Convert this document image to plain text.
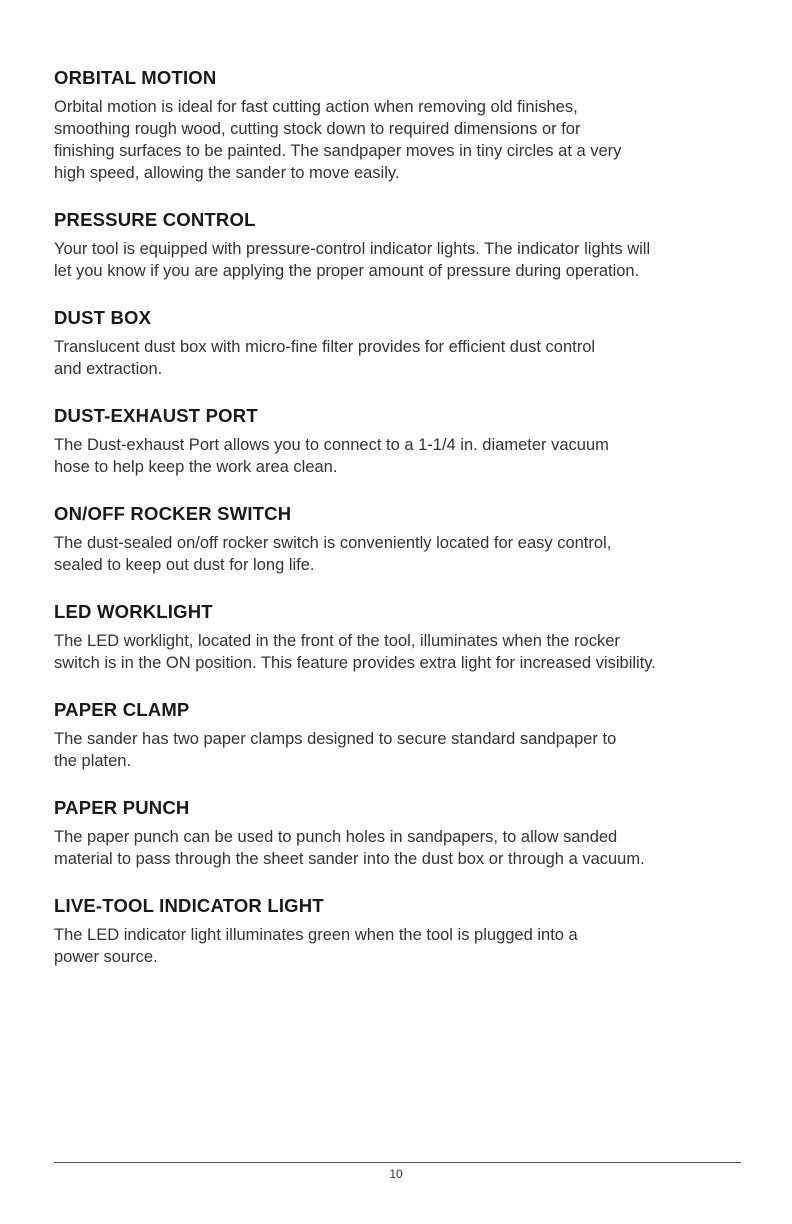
ORBITAL MOTION

Orbital motion is ideal for fast cutting action when removing old finishes,
smoothing rough wood, cutting stock down to required dimensions or for
finishing surfaces to be painted. The sandpaper moves in tiny circles at a very
high speed, allowing the sander to move easily.

PRESSURE CONTROL

Your tool is equipped with pressure-control indicator lights. The indicator lights will
let you know if you are applying the proper amount of pressure during operation.

DUST BOX

Translucent dust box with micro-fine filter provides for efficient dust control
and extraction.

DUST-EXHAUST PORT

The Dust-exhaust Port allows you to connect to a 1-1/4 in. diameter vacuum
hose to help keep the work area clean.

ON/OFF ROCKER SWITCH

The dust-sealed on/off rocker switch is conveniently located for easy control,
sealed to keep out dust for long life.

LED WORKLIGHT

The LED worklight, located in the front of the tool, illuminates when the rocker
switch is in the ON position. This feature provides extra light for increased visibility.

PAPER CLAMP

The sander has two paper clamps designed to secure standard sandpaper to
the platen.

PAPER PUNCH

The paper punch can be used to punch holes in sandpapers, to allow sanded
material to pass through the sheet sander into the dust box or through a vacuum.

LIVE-TOOL INDICATOR LIGHT

The LED indicator light illuminates green when the tool is plugged into a
power source.

10
